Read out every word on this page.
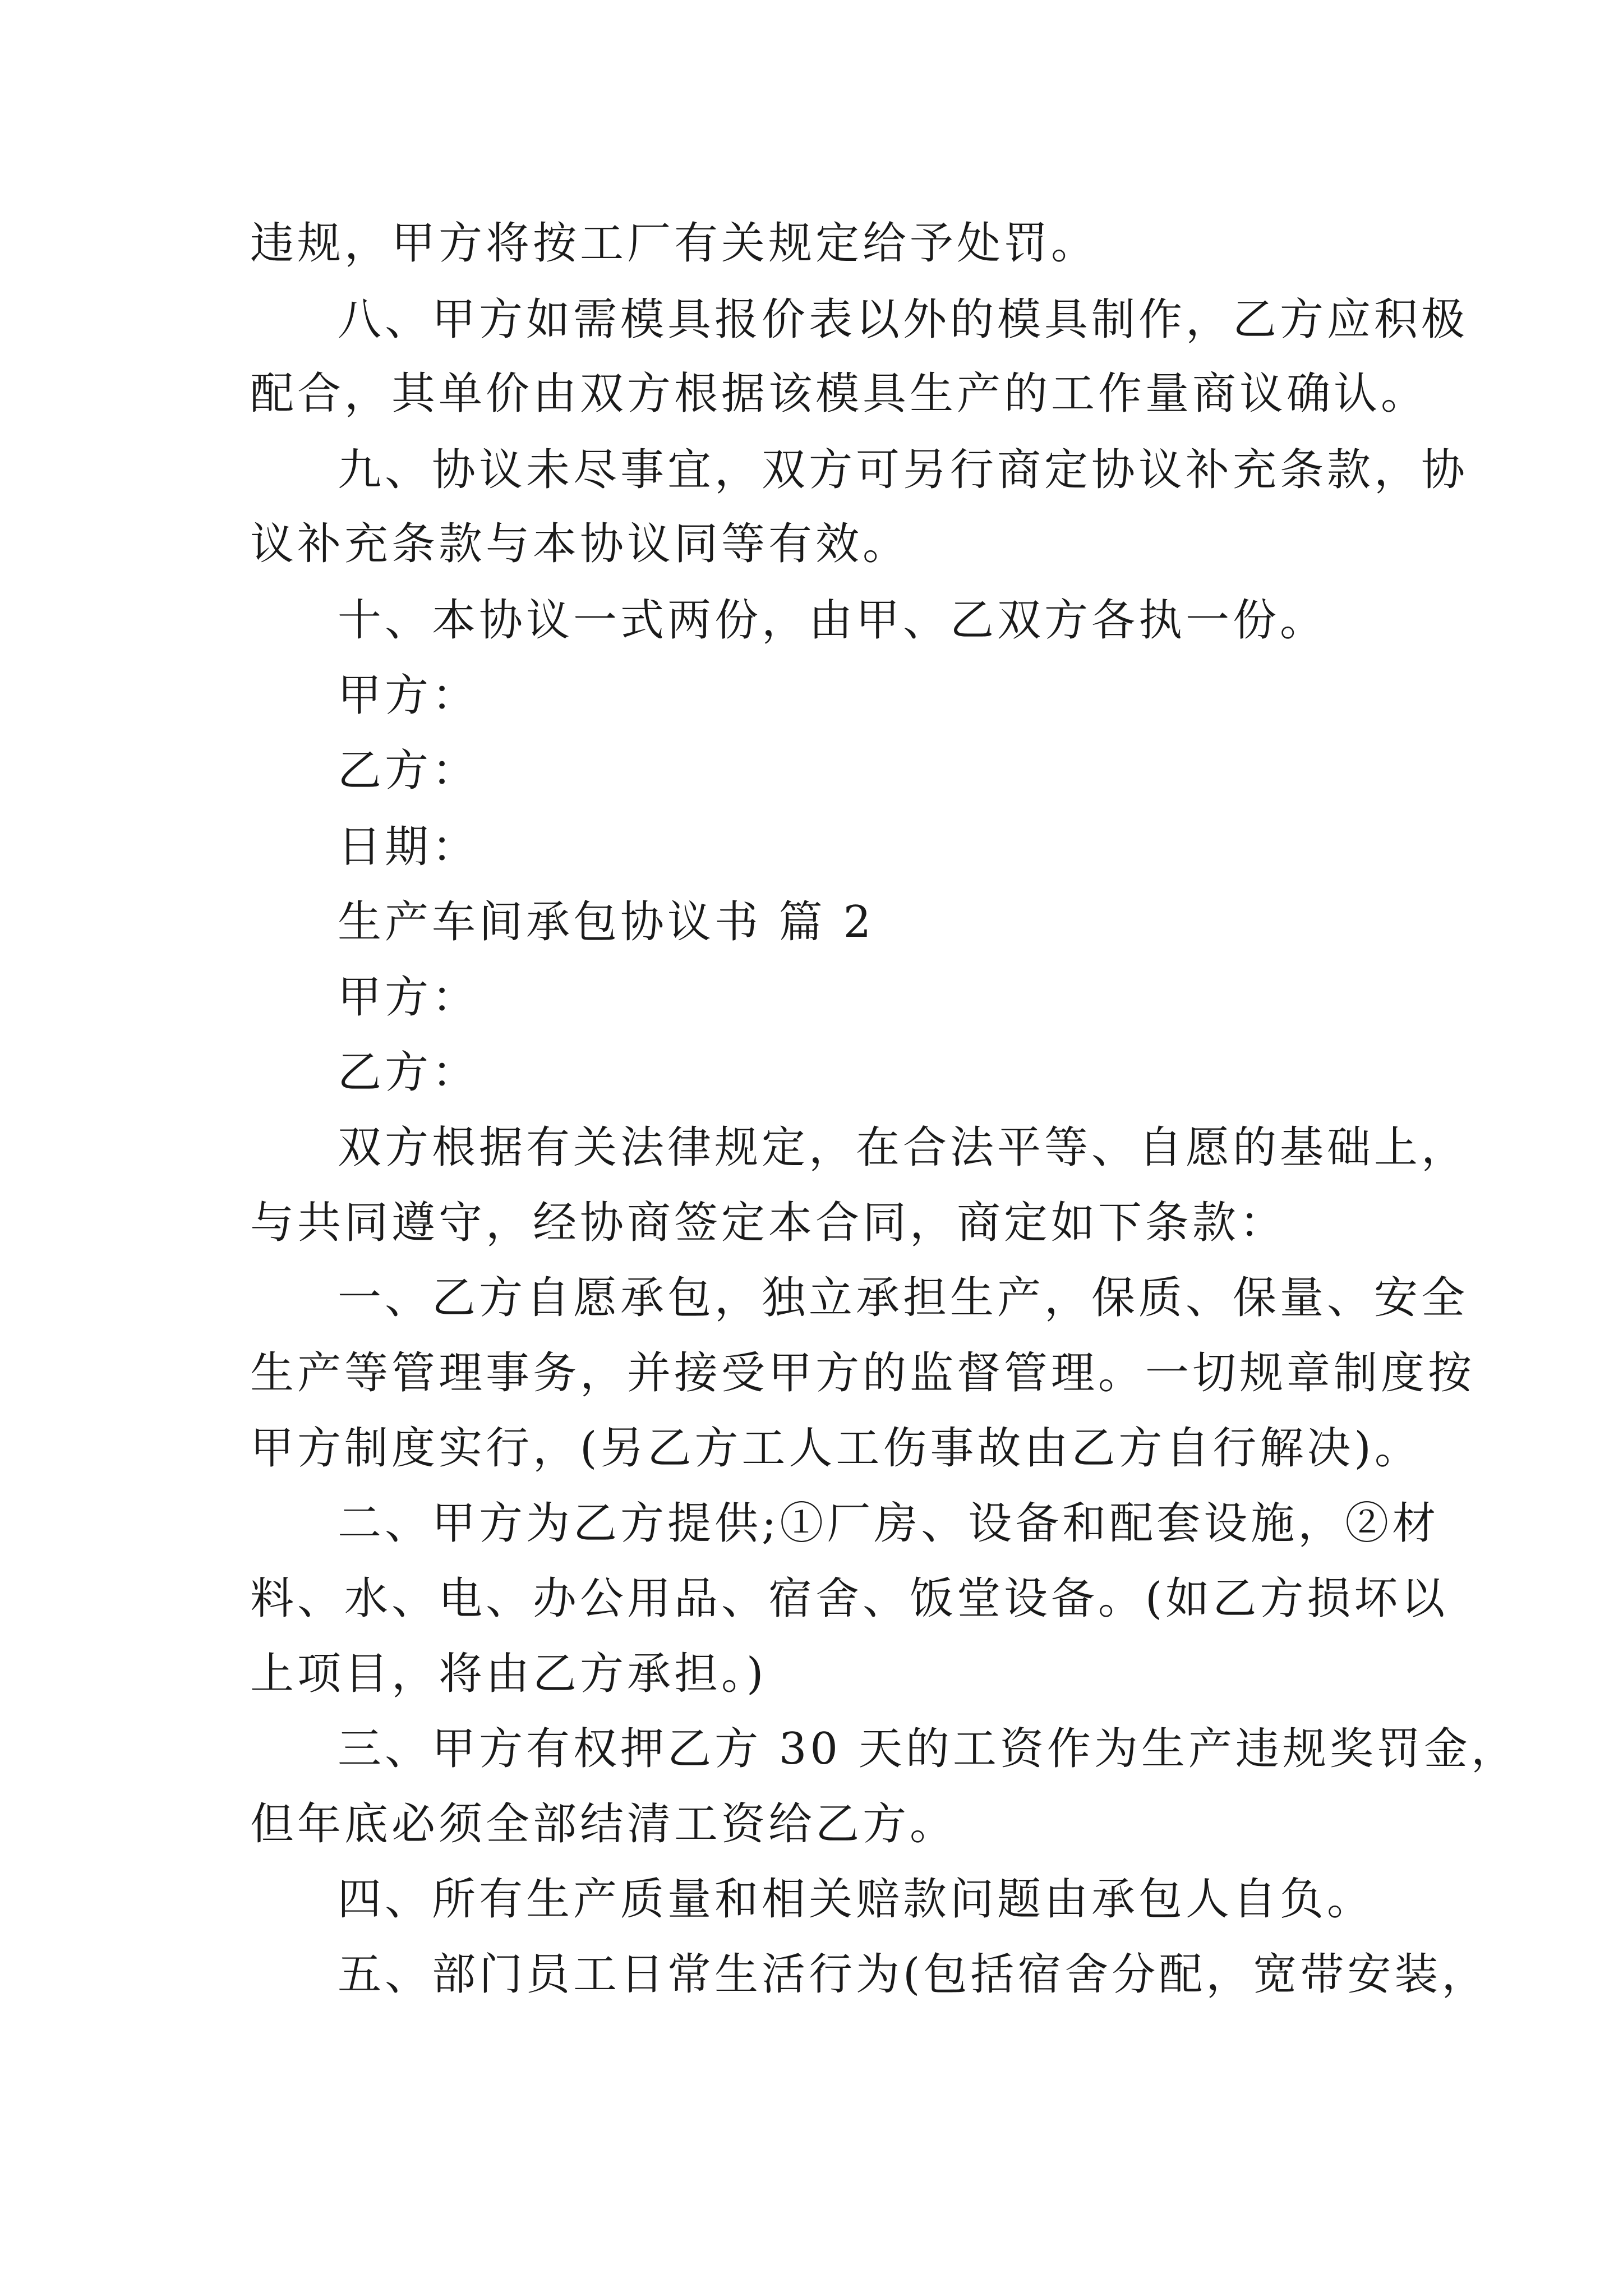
违规，甲方将按工厂有关规定给予处罚。
八、甲方如需模具报价表以外的模具制作，乙方应积极
配合，其单价由双方根据该模具生产的工作量商议确认。
九、协议未尽事宜，双方可另行商定协议补充条款，协
议补充条款与本协议同等有效。
十、本协议一式两份，由甲、乙双方各执一份。
甲方：
乙方：
日期：
生产车间承包协议书 篇 2
甲方：
乙方：
双方根据有关法律规定，在合法平等、自愿的基础上，
与共同遵守，经协商签定本合同，商定如下条款：
一、乙方自愿承包，独立承担生产，保质、保量、安全
生产等管理事务，并接受甲方的监督管理。一切规章制度按
甲方制度实行，(另乙方工人工伤事故由乙方自行解决)。
二、甲方为乙方提供;①厂房、设备和配套设施，②材
料、水、电、办公用品、宿舍、饭堂设备。(如乙方损坏以
上项目，将由乙方承担。)
三、甲方有权押乙方 30 天的工资作为生产违规奖罚金，
但年底必须全部结清工资给乙方。
四、所有生产质量和相关赔款问题由承包人自负。
五、部门员工日常生活行为(包括宿舍分配，宽带安装，
